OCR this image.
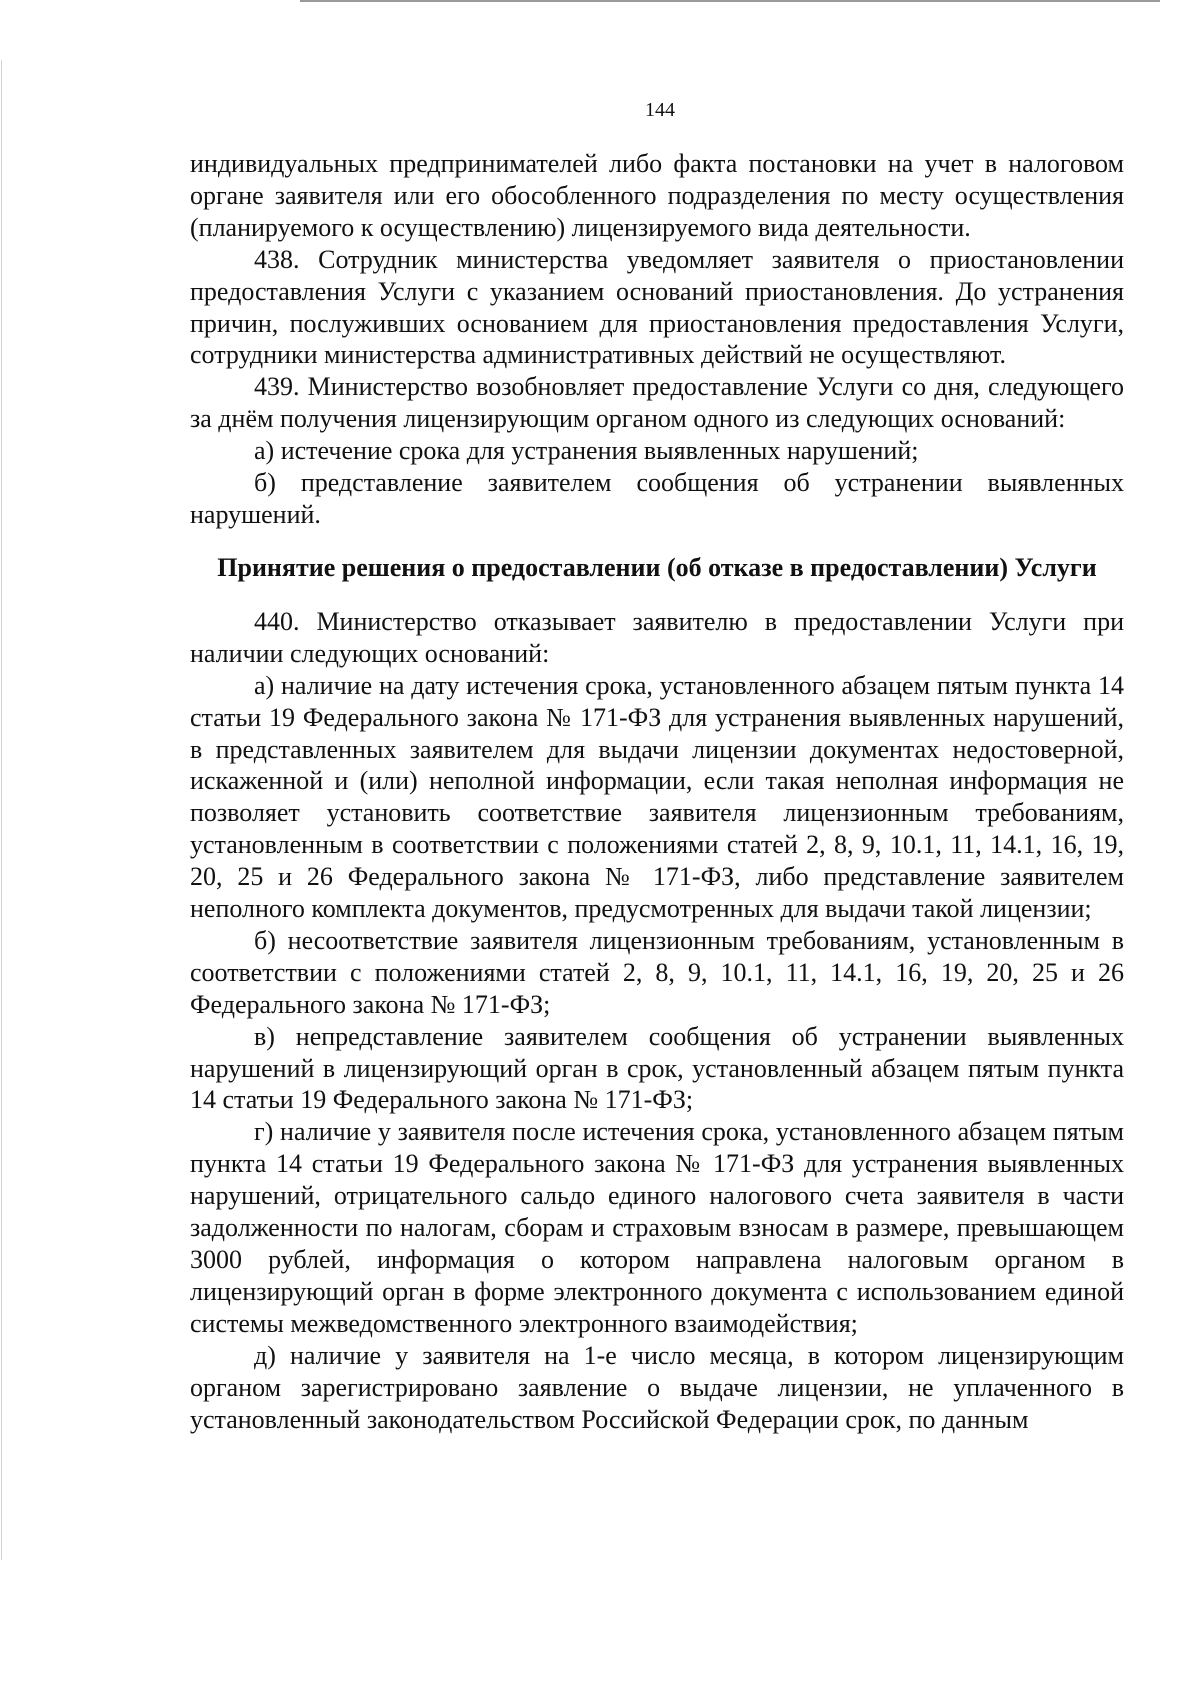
144

индивидуальных предпринимателей либо факта постановки на учет в налоговом органе заявителя или его обособленного подразделения по месту осуществления (планируемого к осуществлению) лицензируемого вида деятельности.

438. Сотрудник министерства уведомляет заявителя о приостановлении предоставления Услуги с указанием оснований приостановления. До устранения причин, послуживших основанием для приостановления предоставления Услуги, сотрудники министерства административных действий не осуществляют.

439. Министерство возобновляет предоставление Услуги со дня, следующего за днём получения лицензирующим органом одного из следующих оснований:

а) истечение срока для устранения выявленных нарушений;

б) представление заявителем сообщения об устранении выявленных нарушений.

Принятие решения о предоставлении (об отказе в предоставлении) Услуги

440. Министерство отказывает заявителю в предоставлении Услуги при наличии следующих оснований:

а) наличие на дату истечения срока, установленного абзацем пятым пункта 14 статьи 19 Федерального закона № 171-ФЗ для устранения выявленных нарушений, в представленных заявителем для выдачи лицензии документах недостоверной, искаженной и (или) неполной информации, если такая неполная информация не позволяет установить соответствие заявителя лицензионным требованиям, установленным в соответствии с положениями статей 2, 8, 9, 10.1, 11, 14.1, 16, 19, 20, 25 и 26 Федерального закона № 171-ФЗ, либо представление заявителем неполного комплекта документов, предусмотренных для выдачи такой лицензии;

б) несоответствие заявителя лицензионным требованиям, установленным в соответствии с положениями статей 2, 8, 9, 10.1, 11, 14.1, 16, 19, 20, 25 и 26 Федерального закона № 171-ФЗ;

в) непредставление заявителем сообщения об устранении выявленных нарушений в лицензирующий орган в срок, установленный абзацем пятым пункта 14 статьи 19 Федерального закона № 171-ФЗ;

г) наличие у заявителя после истечения срока, установленного абзацем пятым пункта 14 статьи 19 Федерального закона № 171-ФЗ для устранения выявленных нарушений, отрицательного сальдо единого налогового счета заявителя в части задолженности по налогам, сборам и страховым взносам в размере, превышающем 3000 рублей, информация о котором направлена налоговым органом в лицензирующий орган в форме электронного документа с использованием единой системы межведомственного электронного взаимодействия;

д) наличие у заявителя на 1-е число месяца, в котором лицензирующим органом зарегистрировано заявление о выдаче лицензии, не уплаченного в установленный законодательством Российской Федерации срок, по данным
